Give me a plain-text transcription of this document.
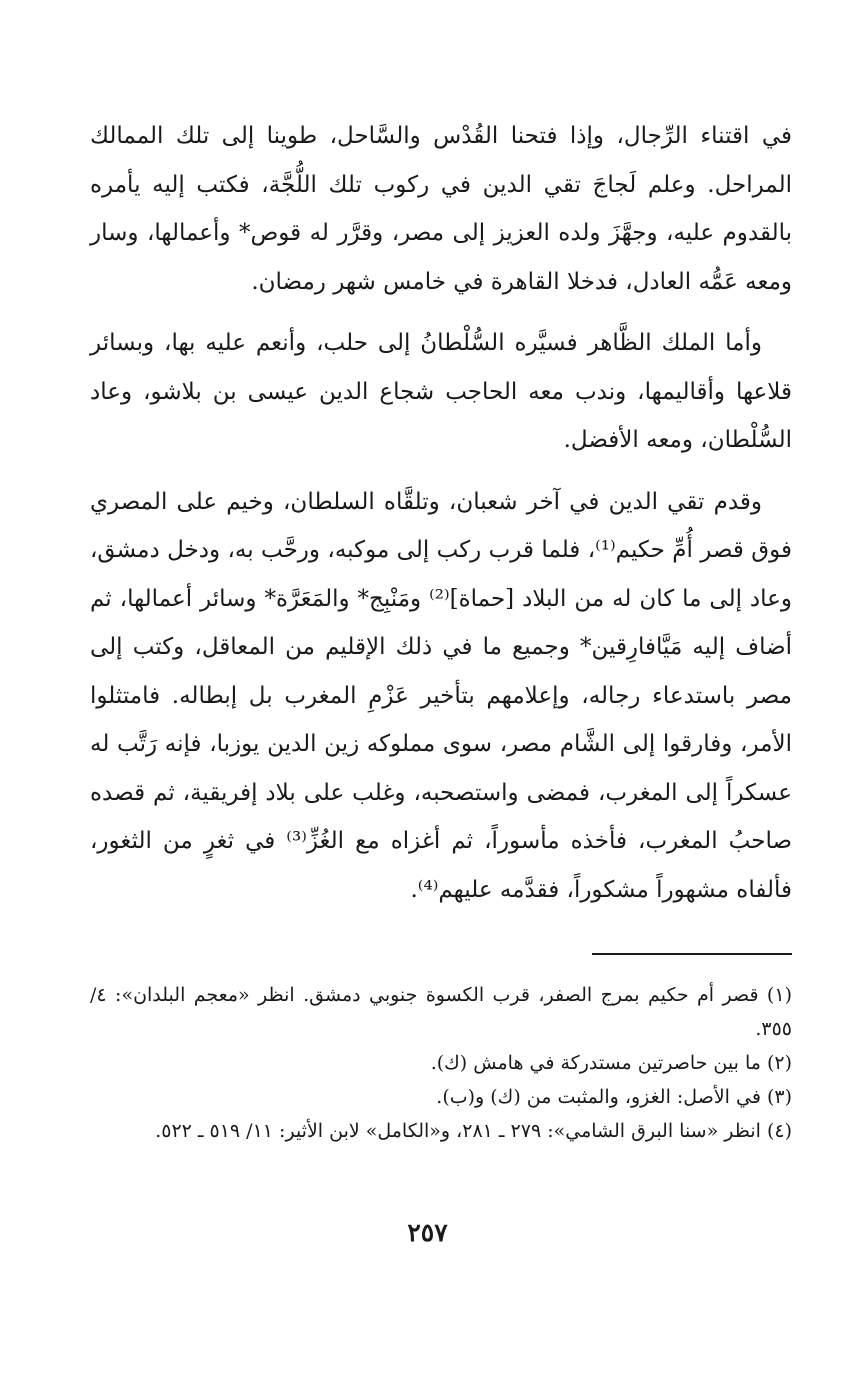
في اقتناء الرِّجال، وإذا فتحنا القُدْس والسَّاحل، طوينا إلى تلك الممالك المراحل. وعلم لَجاجَ تقي الدين في ركوب تلك اللُّجَّة، فكتب إليه يأمره بالقدوم عليه، وجهَّزَ ولده العزيز إلى مصر، وقرَّر له قوص* وأعمالها، وسار ومعه عَمُّه العادل، فدخلا القاهرة في خامس شهر رمضان.

وأما الملك الظَّاهر فسيَّره السُّلْطانُ إلى حلب، وأنعم عليه بها، وبسائر قلاعها وأقاليمها، وندب معه الحاجب شجاع الدين عيسى بن بلاشو، وعاد السُّلْطان، ومعه الأفضل.

وقدم تقي الدين في آخر شعبان، وتلقَّاه السلطان، وخيم على المصري فوق قصر أُمِّ حكيم⁽¹⁾، فلما قرب ركب إلى موكبه، ورحَّب به، ودخل دمشق، وعاد إلى ما كان له من البلاد [حماة]⁽²⁾ ومَنْبِج* والمَعَرَّة* وسائر أعمالها، ثم أضاف إليه مَيَّافارِقين* وجميع ما في ذلك الإقليم من المعاقل، وكتب إلى مصر باستدعاء رجاله، وإعلامهم بتأخير عَزْمِ المغرب بل إبطاله. فامتثلوا الأمر، وفارقوا إلى الشَّام مصر، سوى مملوكه زين الدين يوزبا، فإنه رَتَّب له عسكراً إلى المغرب، فمضى واستصحبه، وغلب على بلاد إفريقية، ثم قصده صاحبُ المغرب، فأخذه مأسوراً، ثم أغزاه مع الغُزِّ⁽³⁾ في ثغرٍ من الثغور، فألفاه مشهوراً مشكوراً، فقدَّمه عليهم⁽⁴⁾.

(١) قصر أم حكيم بمرج الصفر، قرب الكسوة جنوبي دمشق. انظر «معجم البلدان»: ٤/ ٣٥٥.

(٢) ما بين حاصرتين مستدركة في هامش (ك).

(٣) في الأصل: الغزو، والمثبت من (ك) و(ب).

(٤) انظر «سنا البرق الشامي»: ٢٧٩ ـ ٢٨١، و«الكامل» لابن الأثير: ١١/ ٥١٩ ـ ٥٢٢.

٢٥٧
